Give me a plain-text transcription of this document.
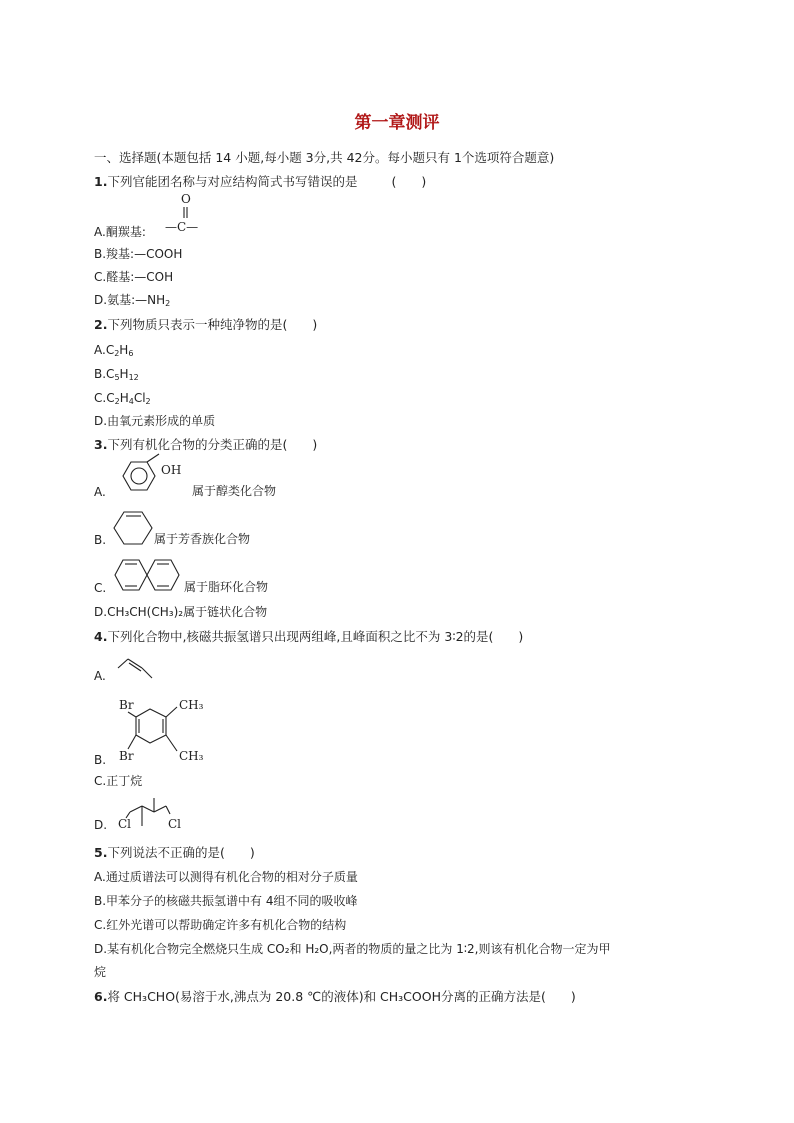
第一章测评
一、选择题(本题包括 14 小题,每小题 3分,共 42分。每小题只有 1个选项符合题意)
1.下列官能团名称与对应结构简式书写错误的是	(　　)
O
—C—
A.酮羰基:
B.羧基:—COOH
C.醛基:—COH
D.氨基$:—NH_2$
2.下列物质只表示一种纯净物的是(　　)
$A.C_2H_6$
$B.C_5H_{12}$
$C.C_2H_4Cl_2$
D.由氧元素形成的单质
3.下列有机化合物的分类正确的是(　　)
A.
OH
属于醇类化合物
B.	属于芳香族化合物
C.	属于脂环化合物
D.CH₃CH(CH₃)₂属于链状化合物
4.下列化合物中,核磁共振氢谱只出现两组峰,且峰面积之比不为 3∶2的是(　　)
A.
Br	CH₃
Br	CH₃
B.
C.正丁烷
D. Cl	Cl
5.下列说法不正确的是(　　)
A.通过质谱法可以测得有机化合物的相对分子质量
B.甲苯分子的核磁共振氢谱中有 4组不同的吸收峰
C.红外光谱可以帮助确定许多有机化合物的结构
D.某有机化合物完全燃烧只生成 CO₂和 H₂O,两者的物质的量之比为 1∶2,则该有机化合物一定为甲
烷
6.将 CH₃CHO(易溶于水,沸点为 20.8 ℃的液体)和 CH₃COOH分离的正确方法是(　　)
